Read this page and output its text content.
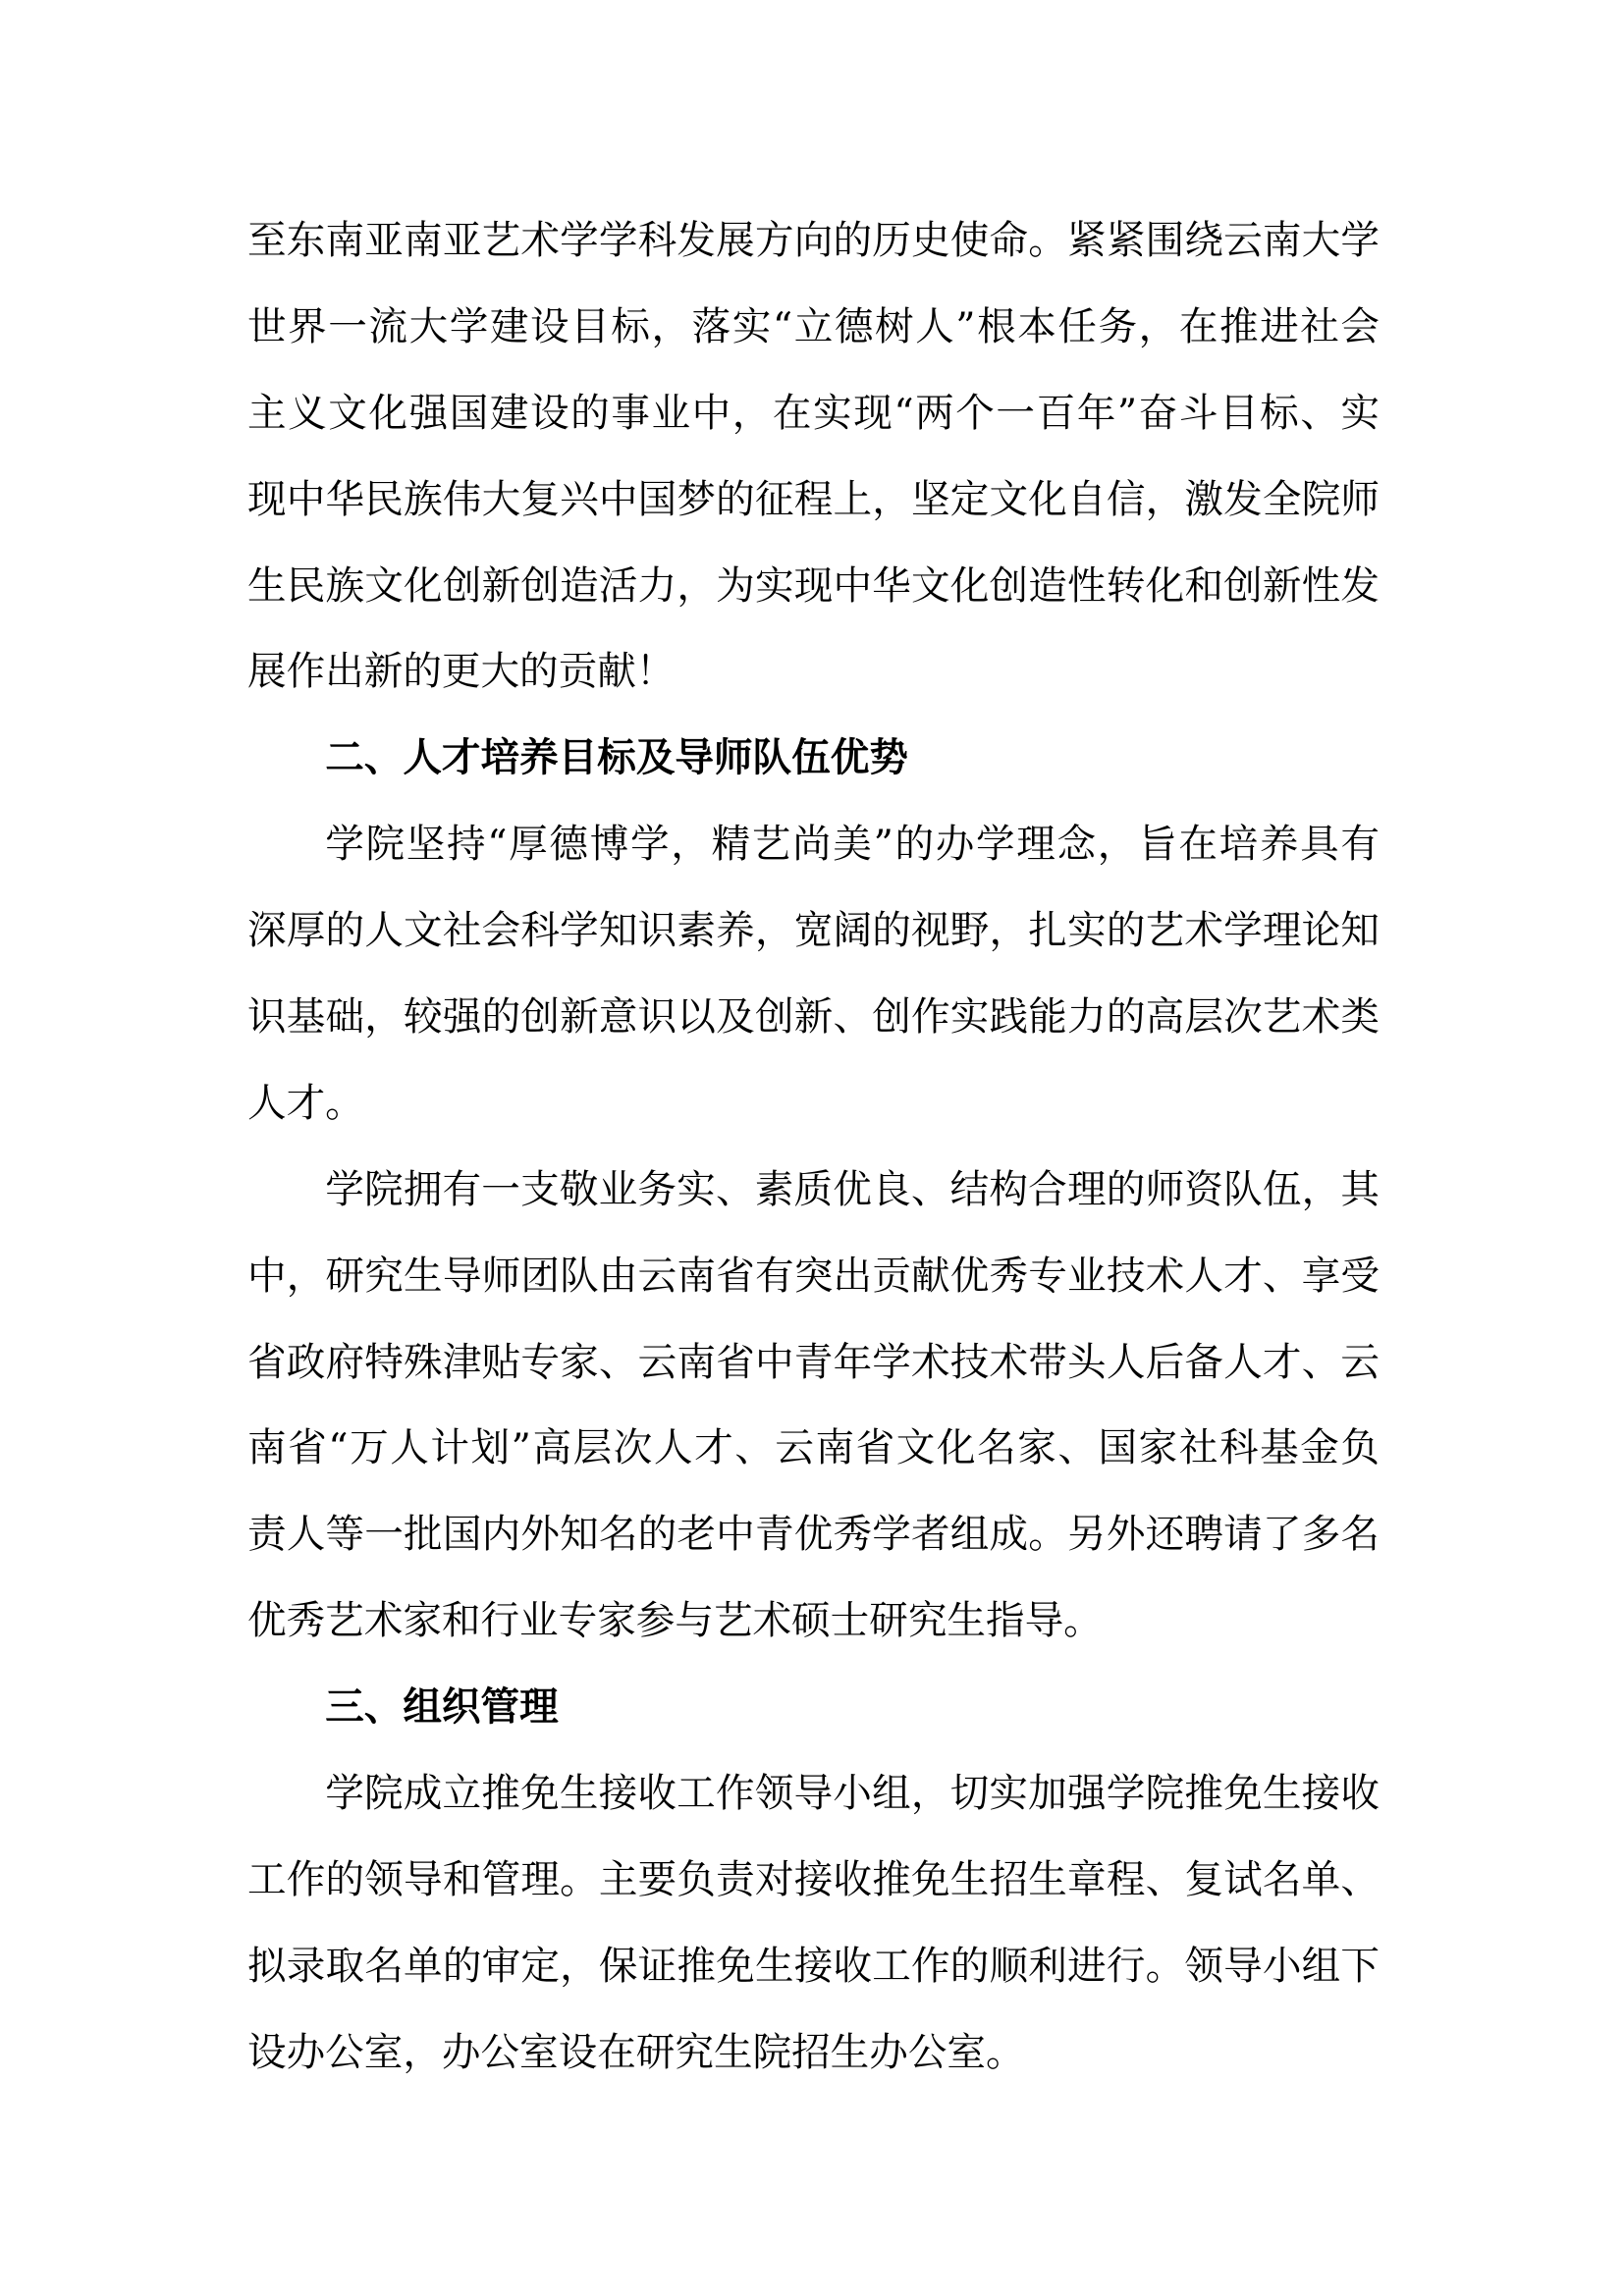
至东南亚南亚艺术学学科发展方向的历史使命。紧紧围绕云南大学
世界一流大学建设目标，落实“立德树人”根本任务，在推进社会
主义文化强国建设的事业中，在实现“两个一百年”奋斗目标、实
现中华民族伟大复兴中国梦的征程上，坚定文化自信，激发全院师
生民族文化创新创造活力，为实现中华文化创造性转化和创新性发
展作出新的更大的贡献！
二、人才培养目标及导师队伍优势
学院坚持“厚德博学，精艺尚美”的办学理念，旨在培养具有
深厚的人文社会科学知识素养，宽阔的视野，扎实的艺术学理论知
识基础，较强的创新意识以及创新、创作实践能力的高层次艺术类
人才。
学院拥有一支敬业务实、素质优良、结构合理的师资队伍，其
中，研究生导师团队由云南省有突出贡献优秀专业技术人才、享受
省政府特殊津贴专家、云南省中青年学术技术带头人后备人才、云
南省“万人计划”高层次人才、云南省文化名家、国家社科基金负
责人等一批国内外知名的老中青优秀学者组成。另外还聘请了多名
优秀艺术家和行业专家参与艺术硕士研究生指导。
三、组织管理
学院成立推免生接收工作领导小组，切实加强学院推免生接收
工作的领导和管理。主要负责对接收推免生招生章程、复试名单、
拟录取名单的审定，保证推免生接收工作的顺利进行。领导小组下
设办公室，办公室设在研究生院招生办公室。
